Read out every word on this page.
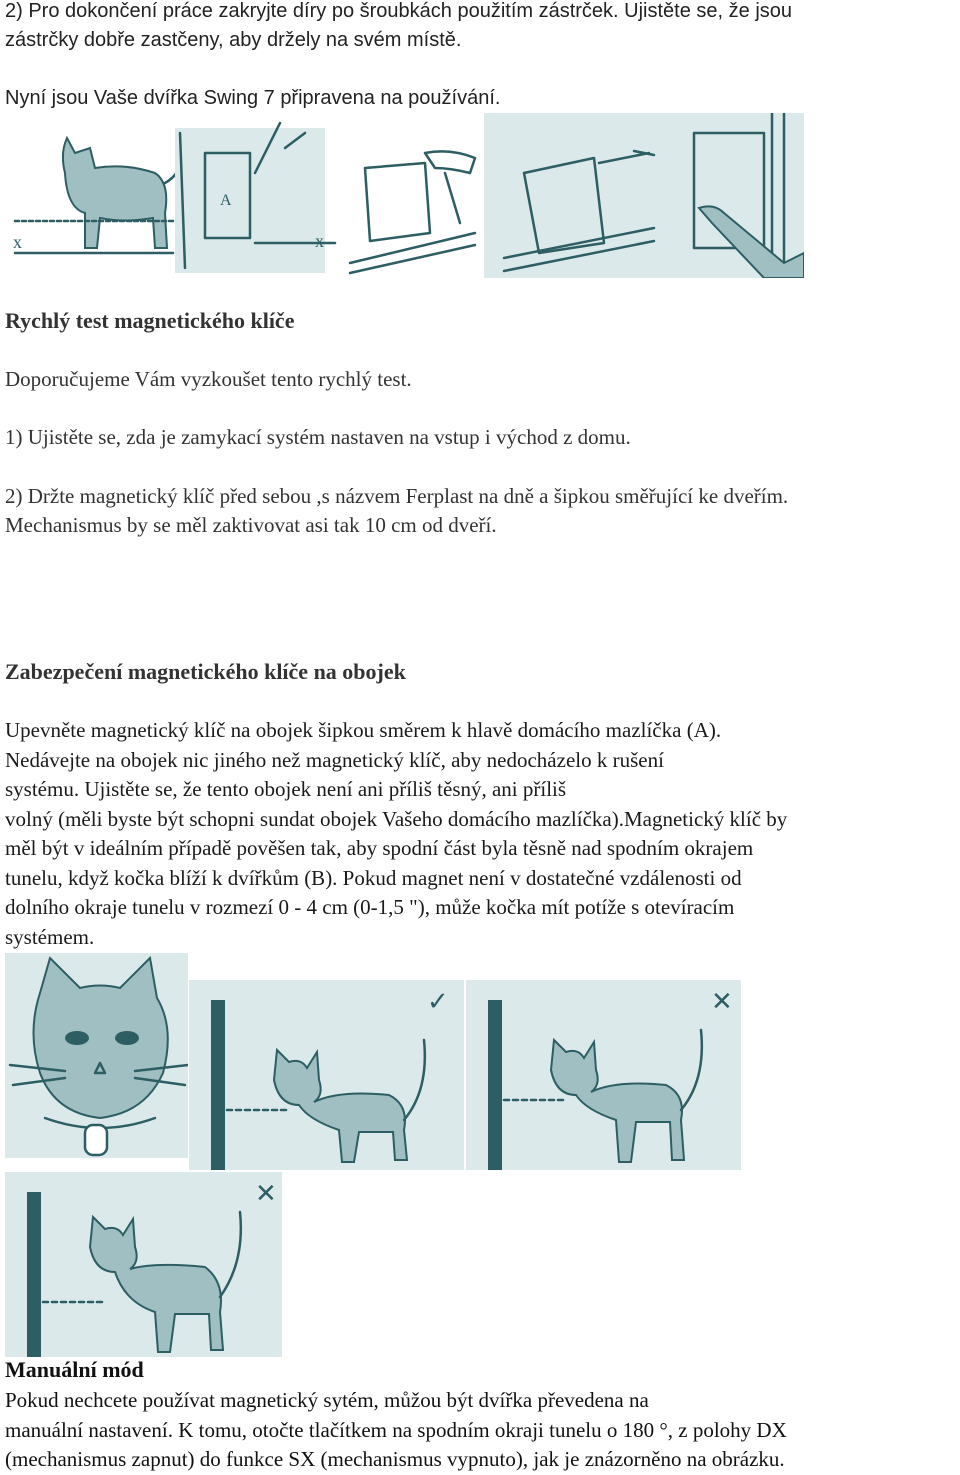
2) Pro dokončení práce zakryjte díry po šroubkách použitím zástrček. Ujistěte se, že jsou
zástrčky dobře zastčeny, aby držely na svém místě.
Nyní jsou Vaše dvířka Swing 7 připravena na používání.
x
A
x
Rychlý test magnetického klíče
Doporučujeme Vám vyzkoušet tento rychlý test.
1) Ujistěte se, zda je zamykací systém nastaven na vstup i východ z domu.
2) Držte magnetický klíč před sebou ,s názvem Ferplast na dně a šipkou směřující ke dveřím.
Mechanismus by se měl zaktivovat asi tak 10 cm od dveří.
Zabezpečení magnetického klíče na obojek
Upevněte magnetický klíč na obojek šipkou směrem k hlavě domácího mazlíčka (A).
Nedávejte na obojek nic jiného než magnetický klíč, aby nedocházelo k rušení
systému. Ujistěte se, že tento obojek není ani příliš těsný, ani příliš
volný (měli byste být schopni sundat obojek Vašeho domácího mazlíčka).Magnetický klíč by
měl být v ideálním případě pověšen tak, aby spodní část byla těsně nad spodním okrajem
tunelu, když kočka blíží k dvířkům (B). Pokud magnet není v dostatečné vzdálenosti od
dolního okraje tunelu v rozmezí 0 - 4 cm (0-1,5 "), může kočka mít potíže s otevíracím
systémem.
✓	✕
✕
Manuální mód
Pokud nechcete používat magnetický sytém, můžou být dvířka převedena na
manuální nastavení. K tomu, otočte tlačítkem na spodním okraji tunelu o 180 °, z polohy DX
(mechanismus zapnut) do funkce SX (mechanismus vypnuto), jak je znázorněno na obrázku.
